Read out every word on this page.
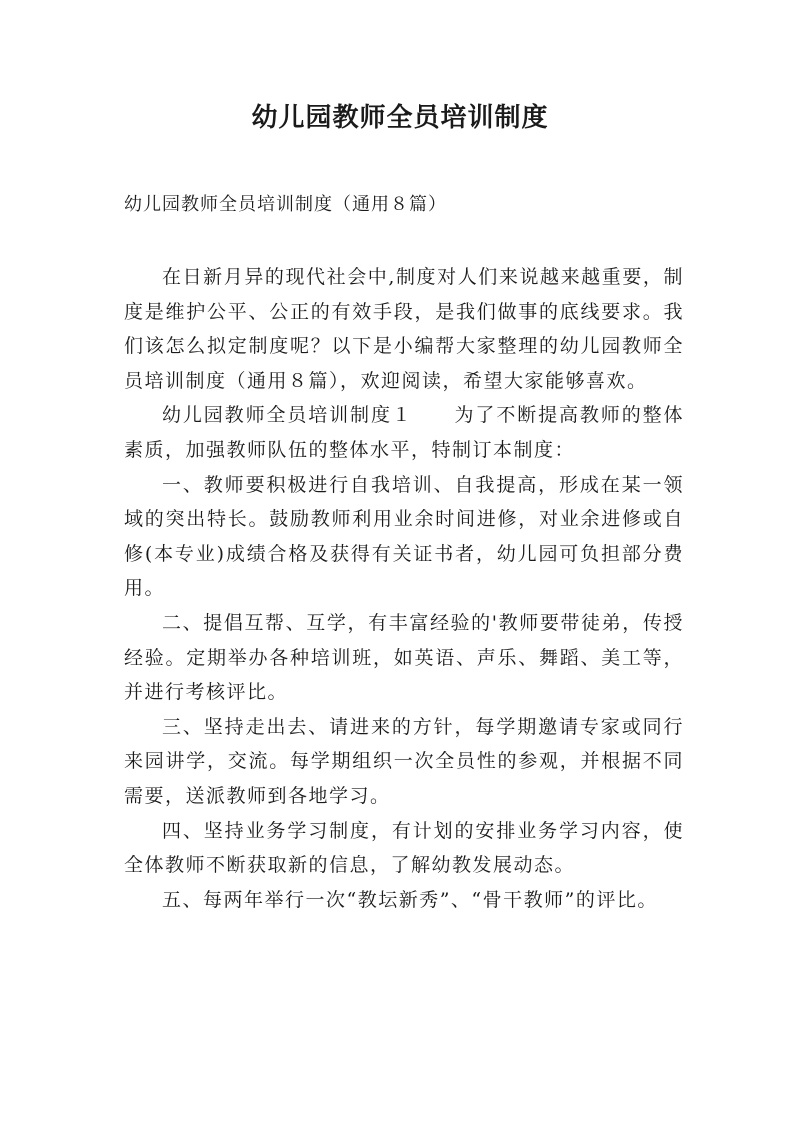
幼儿园教师全员培训制度
幼儿园教师全员培训制度（通用８篇）

在日新月异的现代社会中,制度对人们来说越来越重要，制度是维护公平、公正的有效手段，是我们做事的底线要求。我们该怎么拟定制度呢？以下是小编帮大家整理的幼儿园教师全员培训制度（通用８篇），欢迎阅读，希望大家能够喜欢。

幼儿园教师全员培训制度１　　为了不断提高教师的整体素质，加强教师队伍的整体水平，特制订本制度：

一、教师要积极进行自我培训、自我提高，形成在某一领域的突出特长。鼓励教师利用业余时间进修，对业余进修或自修(本专业)成绩合格及获得有关证书者，幼儿园可负担部分费用。

二、提倡互帮、互学，有丰富经验的'教师要带徒弟，传授经验。定期举办各种培训班，如英语、声乐、舞蹈、美工等，并进行考核评比。

三、坚持走出去、请进来的方针，每学期邀请专家或同行来园讲学，交流。每学期组织一次全员性的参观，并根据不同需要，送派教师到各地学习。

四、坚持业务学习制度，有计划的安排业务学习内容，使全体教师不断获取新的信息，了解幼教发展动态。

五、每两年举行一次“教坛新秀”、“骨干教师”的评比。
